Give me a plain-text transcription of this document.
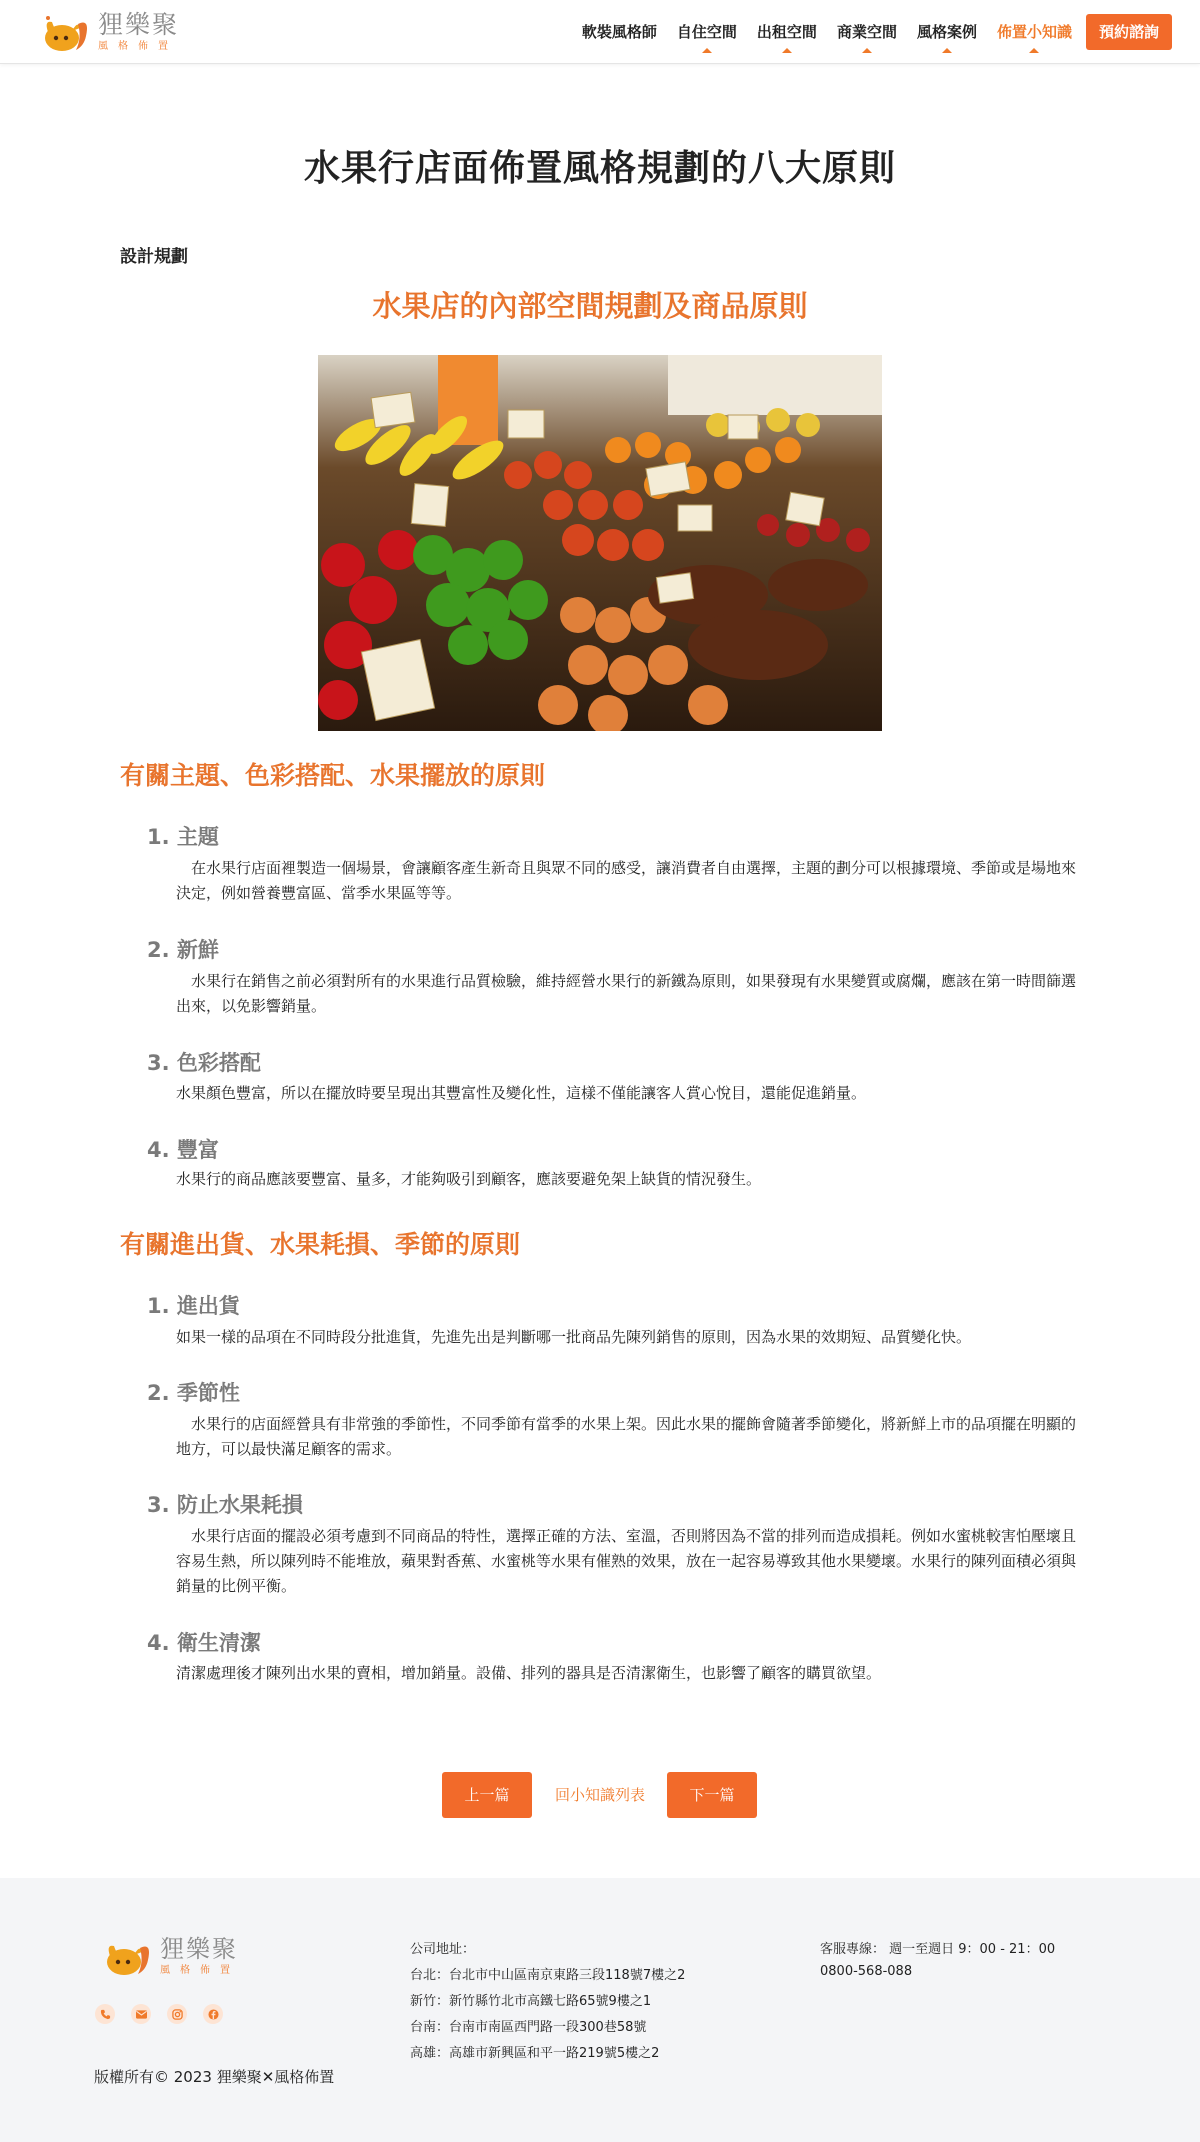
狸樂聚
風格佈置
軟裝風格師 自住空間 出租空間 商業空間 風格案例 佈置小知識	預約諮詢
水果行店面佈置風格規劃的八大原則
設計規劃
水果店的內部空間規劃及商品原則
有關主題、色彩搭配、水果擺放的原則
1. 主題

在水果行店面裡製造一個場景，會讓顧客產生新奇且與眾不同的感受，讓消費者自由選擇，主題的劃分可以根據環境、季節或是場地來決定，例如營養豐富區、當季水果區等等。

2. 新鮮

水果行在銷售之前必須對所有的水果進行品質檢驗，維持經營水果行的新鐵為原則，如果發現有水果變質或腐爛，應該在第一時間篩選出來，以免影響銷量。

3. 色彩搭配

水果顏色豐富，所以在擺放時要呈現出其豐富性及變化性，這樣不僅能讓客人賞心悅目，還能促進銷量。

4. 豐富

水果行的商品應該要豐富、量多，才能夠吸引到顧客，應該要避免架上缺貨的情況發生。

有關進出貨、水果耗損、季節的原則
1. 進出貨

如果一樣的品項在不同時段分批進貨，先進先出是判斷哪一批商品先陳列銷售的原則，因為水果的效期短、品質變化快。

2. 季節性

水果行的店面經營具有非常強的季節性，不同季節有當季的水果上架。因此水果的擺飾會隨著季節變化，將新鮮上市的品項擺在明顯的地方，可以最快滿足顧客的需求。

3. 防止水果耗損

水果行店面的擺設必須考慮到不同商品的特性，選擇正確的方法、室溫，否則將因為不當的排列而造成損耗。例如水蜜桃較害怕壓壞且容易生熱，所以陳列時不能堆放，蘋果對香蕉、水蜜桃等水果有催熟的效果，放在一起容易導致其他水果變壞。水果行的陳列面積必須與銷量的比例平衡。

4. 衛生清潔

清潔處理後才陳列出水果的賣相，增加銷量。設備、排列的器具是否清潔衛生，也影響了顧客的購買欲望。

上一篇	回小知識列表	下一篇
狸樂聚
風格佈置
版權所有© 2023 狸樂聚✕風格佈置
公司地址：
台北：台北市中山區南京東路三段118號7樓之2
新竹：新竹縣竹北市高鐵七路65號9樓之1
台南：台南市南區西門路一段300巷58號
高雄：高雄市新興區和平一路219號5樓之2
客服專線： 週一至週日 9：00 - 21：00
0800-568-088
